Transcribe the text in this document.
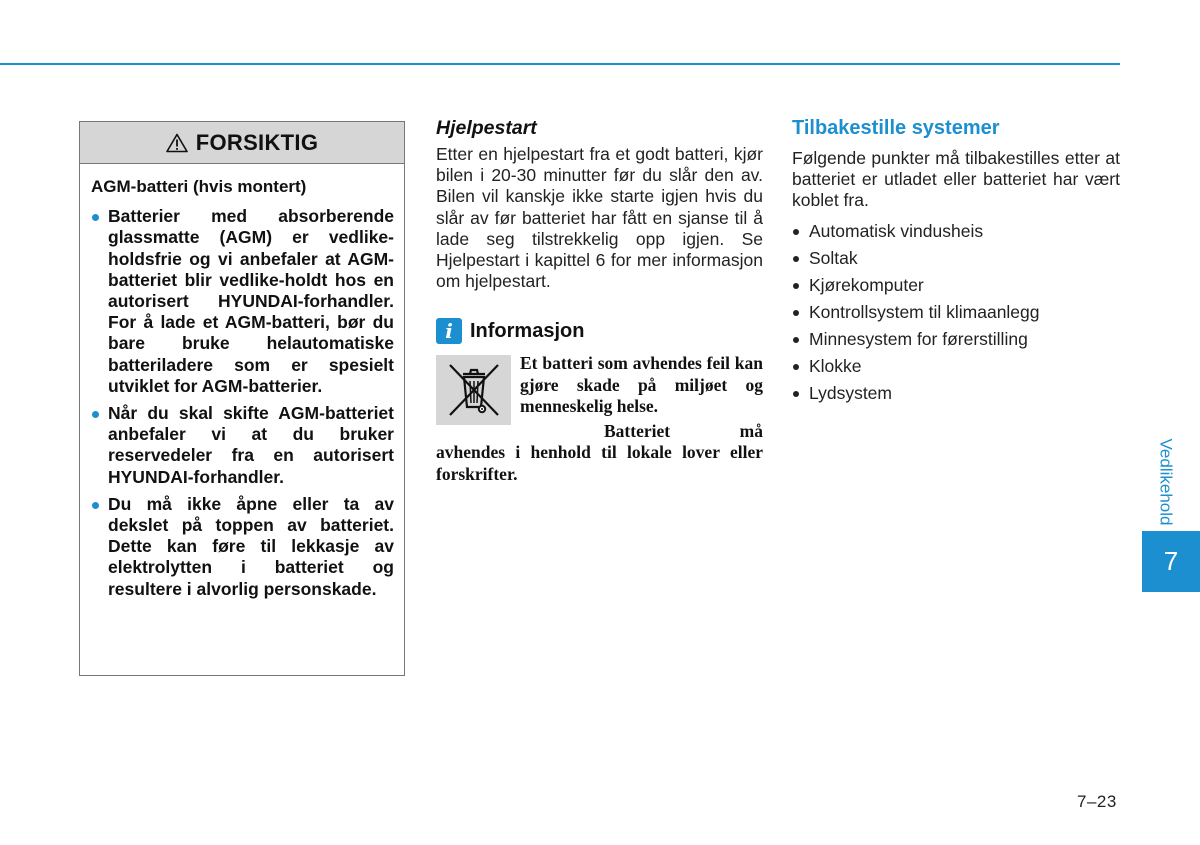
FORSIKTIG
AGM-batteri (hvis montert)
Batterier med absorberende glassmatte (AGM) er vedlike-holdsfrie og vi anbefaler at AGM-batteriet blir vedlike-holdt hos en autorisert HYUNDAI-forhandler. For å lade et AGM-batteri, bør du bare bruke helautomatiske batteriladere som er spesielt utviklet for AGM-batterier.
Når du skal skifte AGM-batteriet anbefaler vi at du bruker reservedeler fra en autorisert HYUNDAI-forhandler.
Du må ikke åpne eller ta av dekslet på toppen av batteriet. Dette kan føre til lekkasje av elektrolytten i batteriet og resultere i alvorlig personskade.
Hjelpestart

Etter en hjelpestart fra et godt batteri, kjør bilen i 20-30 minutter før du slår den av. Bilen vil kanskje ikke starte igjen hvis du slår av før batteriet har fått en sjanse til å lade seg tilstrekkelig opp igjen. Se Hjelpestart i kapittel 6 for mer informasjon om hjelpestart.

i Informasjon

Et batteri som avhendes feil kan gjøre skade på miljøet og menneskelig helse.

Batteriet må avhendes i henhold til lokale lover eller forskrifter.

Tilbakestille systemer

Følgende punkter må tilbakestilles etter at batteriet er utladet eller batteriet har vært koblet fra.

Automatisk vindusheis
Soltak
Kjørekomputer
Kontrollsystem til klimaanlegg
Minnesystem for førerstilling
Klokke
Lydsystem
Vedlikehold
7
7–23
